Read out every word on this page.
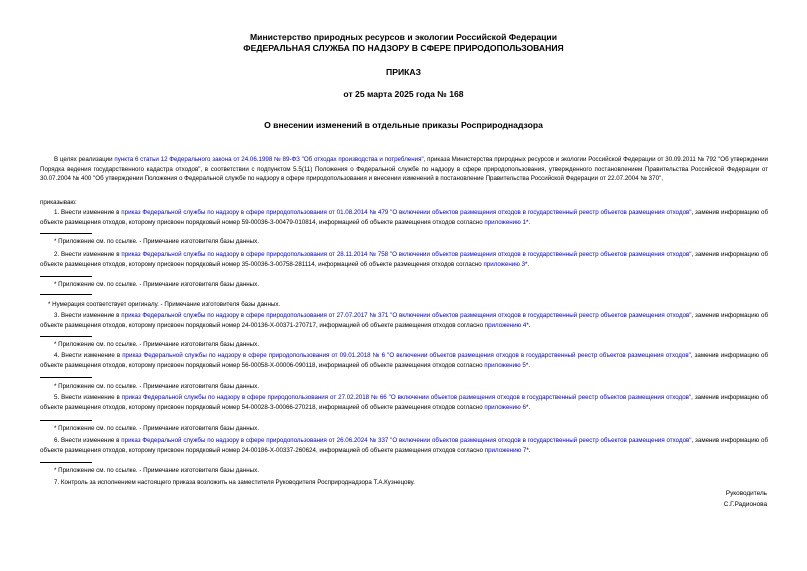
Министерство природных ресурсов и экологии Российской Федерации
ФЕДЕРАЛЬНАЯ СЛУЖБА ПО НАДЗОРУ В СФЕРЕ ПРИРОДОПОЛЬЗОВАНИЯ
ПРИКАЗ
от 25 марта 2025 года № 168
О внесении изменений в отдельные приказы Росприроднадзора
В целях реализации пункта 6 статьи 12 Федерального закона от 24.06.1998 № 89-ФЗ "Об отходах производства и потребления", приказа Министерства природных ресурсов и экологии Российской Федерации от 30.09.2011 № 792 "Об утверждении Порядка ведения государственного кадастра отходов", в соответствии с подпунктом 5.5(11) Положения о Федеральной службе по надзору в сфере природопользования, утвержденного постановлением Правительства Российской Федерации от 30.07.2004 № 400 "Об утверждении Положения о Федеральной службе по надзору в сфере природопользования и внесении изменений в постановление Правительства Российской Федерации от 22.07.2004 № 370",
приказываю:
1. Внести изменение в приказ Федеральной службы по надзору в сфере природопользования от 01.08.2014 № 479 "О включении объектов размещения отходов в государственный реестр объектов размещения отходов", заменив информацию об объекте размещения отходов, которому присвоен порядковый номер 59-00036-З-00479-010814, информацией об объекте размещения отходов согласно приложению 1*.
* Приложение см. по ссылке. - Примечание изготовителя базы данных.
2. Внести изменение в приказ Федеральной службы по надзору в сфере природопользования от 28.11.2014 № 758 "О включении объектов размещения отходов в государственный реестр объектов размещения отходов", заменив информацию об объекте размещения отходов, которому присвоен порядковый номер 35-00036-З-00758-281114, информацией об объекте размещения отходов согласно приложению 3*.
* Приложение см. по ссылке. - Примечание изготовителя базы данных.
* Нумерация соответствует оригиналу. - Примечание изготовителя базы данных.
3. Внести изменение в приказ Федеральной службы по надзору в сфере природопользования от 27.07.2017 № 371 "О включении объектов размещения отходов в государственный реестр объектов размещения отходов", заменив информацию об объекте размещения отходов, которому присвоен порядковый номер 24-00136-Х-00371-270717, информацией об объекте размещения отходов согласно приложению 4*.
* Приложение см. по ссылке. - Примечание изготовителя базы данных.
4. Внести изменение в приказ Федеральной службы по надзору в сфере природопользования от 09.01.2018 № 6 "О включении объектов размещения отходов в государственный реестр объектов размещения отходов", заменив информацию об объекте размещения отходов, которому присвоен порядковый номер 56-00058-Х-00006-090118, информацией об объекте размещения отходов согласно приложению 5*.
* Приложение см. по ссылке. - Примечание изготовителя базы данных.
5. Внести изменение в приказ Федеральной службы по надзору в сфере природопользования от 27.02.2018 № 66 "О включении объектов размещения отходов в государственный реестр объектов размещения отходов", заменив информацию об объекте размещения отходов, которому присвоен порядковый номер 54-00028-З-00066-270218, информацией об объекте размещения отходов согласно приложению 6*.
* Приложение см. по ссылке. - Примечание изготовителя базы данных.
6. Внести изменение в приказ Федеральной службы по надзору в сфере природопользования от 26.06.2024 № 337 "О включении объектов размещения отходов в государственный реестр объектов размещения отходов", заменив информацию об объекте размещения отходов, которому присвоен порядковый номер 24-00186-Х-00337-260624, информацией об объекте размещения отходов согласно приложению 7*.
* Приложение см. по ссылке. - Примечание изготовителя базы данных.
7. Контроль за исполнением настоящего приказа возложить на заместителя Руководителя Росприроднадзора Т.А.Кузнецову.
Руководитель
С.Г.Радионова
